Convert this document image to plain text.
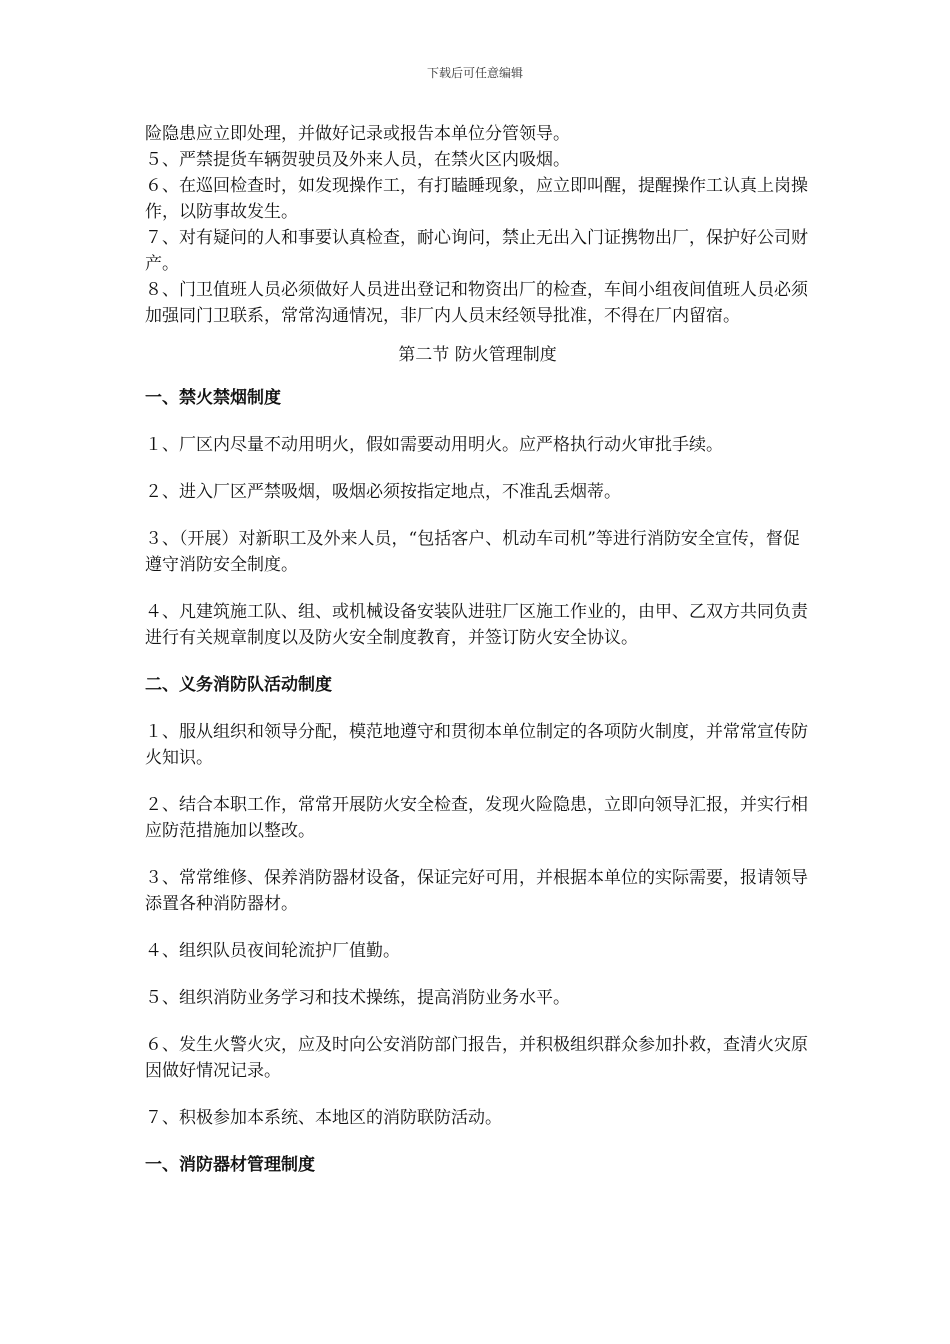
下载后可任意编辑

险隐患应立即处理，并做好记录或报告本单位分管领导。

５、严禁提货车辆贺驶员及外来人员，在禁火区内吸烟。

６、在巡回检查时，如发现操作工，有打瞌睡现象，应立即叫醒，提醒操作工认真上岗操作，以防事故发生。

７、对有疑问的人和事要认真检查，耐心询问，禁止无出入门证携物出厂，保护好公司财产。

８、门卫值班人员必须做好人员进出登记和物资出厂的检查，车间小组夜间值班人员必须加强同门卫联系，常常沟通情况，非厂内人员末经领导批准，不得在厂内留宿。

第二节 防火管理制度

一、禁火禁烟制度

１、厂区内尽量不动用明火，假如需要动用明火。应严格执行动火审批手续。

２、进入厂区严禁吸烟，吸烟必须按指定地点，不准乱丢烟蒂。

３、（开展）对新职工及外来人员，“包括客户、机动车司机”等进行消防安全宣传，督促遵守消防安全制度。

４、凡建筑施工队、组、或机械设备安装队进驻厂区施工作业的，由甲、乙双方共同负责进行有关规章制度以及防火安全制度教育，并签订防火安全协议。

二、义务消防队活动制度

１、服从组织和领导分配，模范地遵守和贯彻本单位制定的各项防火制度，并常常宣传防火知识。

２、结合本职工作，常常开展防火安全检查，发现火险隐患，立即向领导汇报，并实行相应防范措施加以整改。

３、常常维修、保养消防器材设备，保证完好可用，并根据本单位的实际需要，报请领导添置各种消防器材。

４、组织队员夜间轮流护厂值勤。

５、组织消防业务学习和技术操练，提高消防业务水平。

６、发生火警火灾，应及时向公安消防部门报告，并积极组织群众参加扑救，查清火灾原因做好情况记录。

７、积极参加本系统、本地区的消防联防活动。

一、消防器材管理制度
